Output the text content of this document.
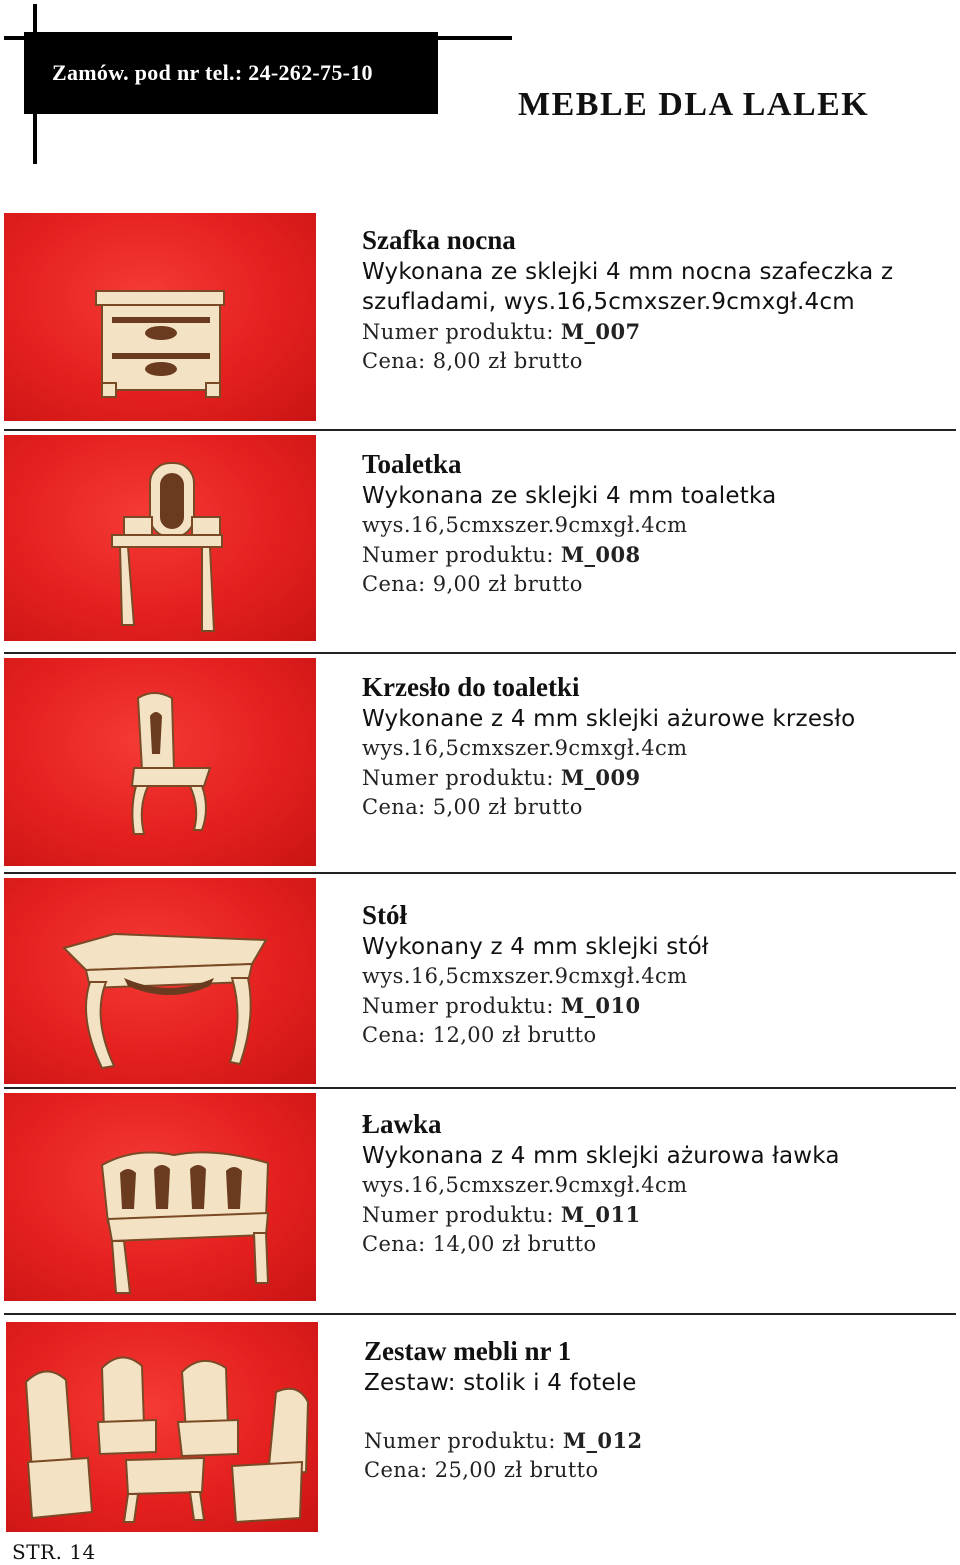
Zamów. pod nr tel.: 24-262-75-10
MEBLE DLA LALEK
Szafka nocna
Wykonana ze sklejki 4 mm nocna szafeczka z szufladami, wys.16,5cmxszer.9cmxgł.4cm
Numer produktu: M_007
Cena: 8,00 zł brutto
Toaletka
Wykonana ze sklejki 4 mm toaletka
wys.16,5cmxszer.9cmxgł.4cm
Numer produktu: M_008
Cena: 9,00 zł brutto
Krzesło do toaletki
Wykonane z 4 mm sklejki ażurowe krzesło
wys.16,5cmxszer.9cmxgł.4cm
Numer produktu: M_009
Cena: 5,00 zł brutto
Stół
Wykonany z 4 mm sklejki stół
wys.16,5cmxszer.9cmxgł.4cm
Numer produktu: M_010
Cena: 12,00 zł brutto
Ławka
Wykonana z 4 mm sklejki ażurowa ławka
wys.16,5cmxszer.9cmxgł.4cm
Numer produktu: M_011
Cena: 14,00 zł brutto
Zestaw mebli nr 1
Zestaw: stolik i 4 fotele
Numer produktu: M_012
Cena: 25,00 zł brutto
STR. 14
